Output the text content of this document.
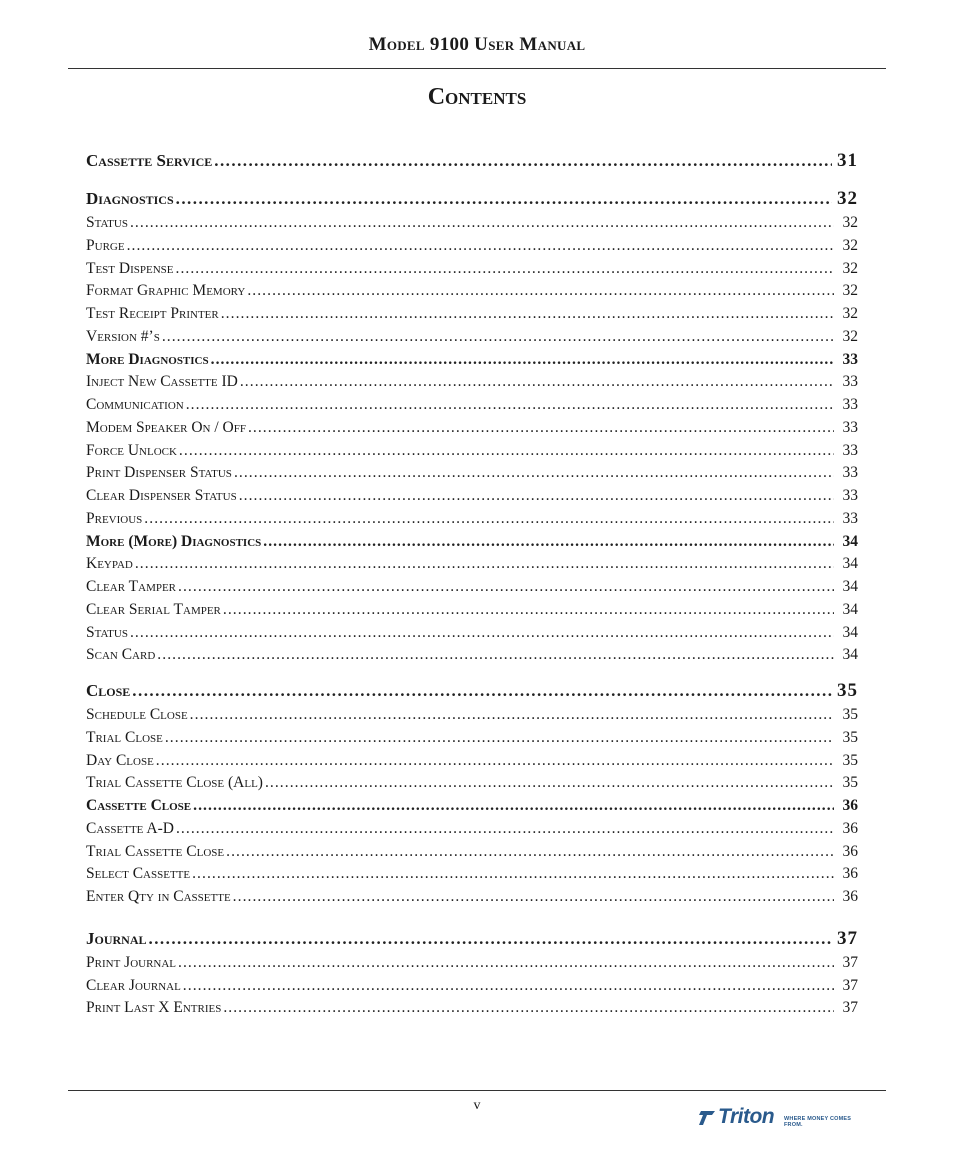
Model 9100 User Manual
Contents
Cassette Service . . .	31
Diagnostics . . .	32
Status . . .	32
Purge . . .	32
Test Dispense . . .	32
Format Graphic Memory . . .	32
Test Receipt Printer . . .	32
Version #’s . . .	32
More Diagnostics . . .	33
Inject New Cassette ID . . .	33
Communication . . .	33
Modem Speaker On / Off . . .	33
Force Unlock . . .	33
Print Dispenser Status . . .	33
Clear Dispenser Status . . .	33
Previous . . .	33
More (More) Diagnostics . . .	34
Keypad . . .	34
Clear Tamper . . .	34
Clear Serial Tamper . . .	34
Status . . .	34
Scan Card . . .	34
Close . . .	35
Schedule Close . . .	35
Trial Close . . .	35
Day Close . . .	35
Trial Cassette Close (All) . . .	35
Cassette Close . . .	36
Cassette A-D . . .	36
Trial Cassette Close . . .	36
Select Cassette . . .	36
Enter Qty in Cassette . . .	36
Journal . . .	37
Print Journal . . .	37
Clear Journal . . .	37
Print Last X Entries . . .	37
v	Triton WHERE MONEY COMES FROM.
